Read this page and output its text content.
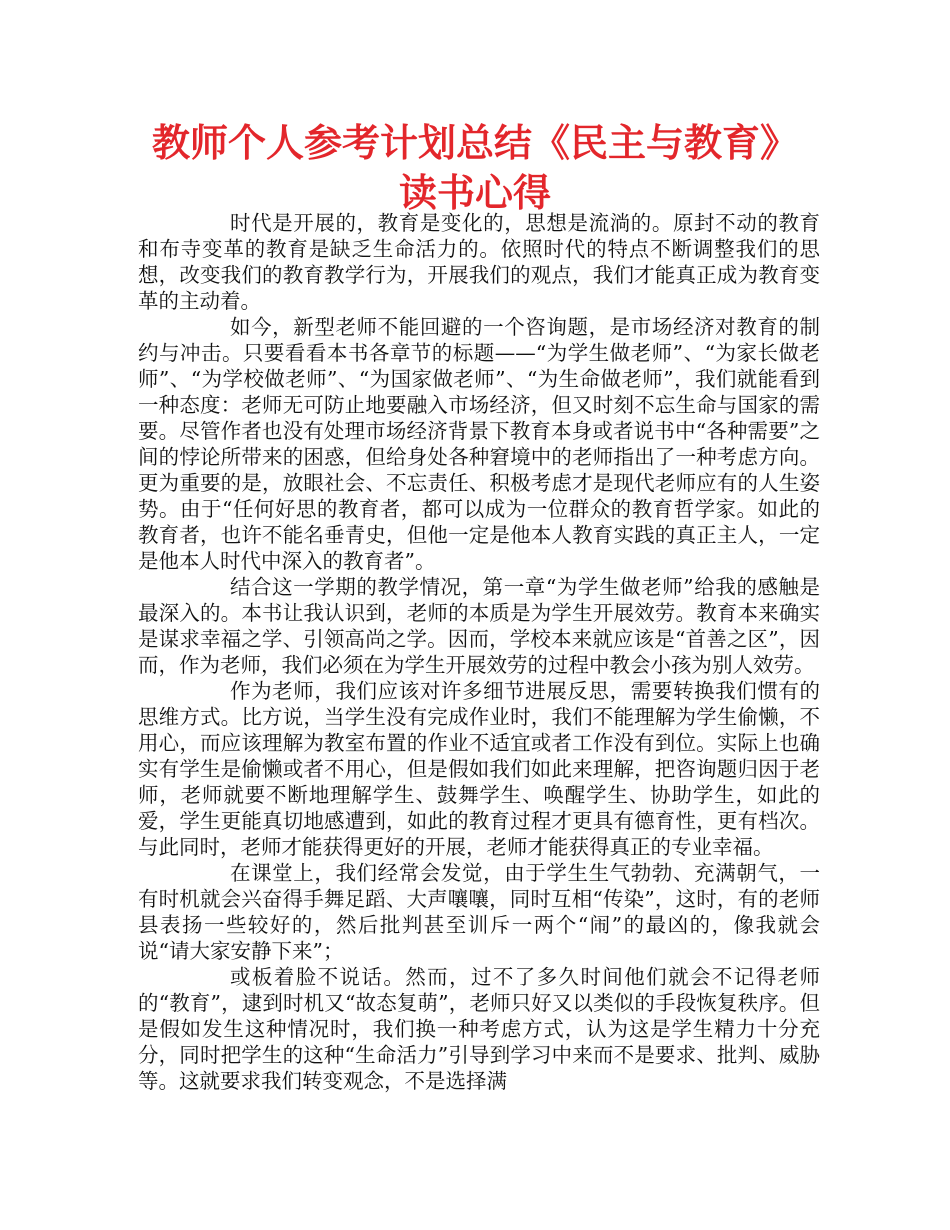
教师个人参考计划总结《民主与教育》读书心得

时代是开展的，教育是变化的，思想是流淌的。原封不动的教育和布寺变革的教育是缺乏生命活力的。依照时代的特点不断调整我们的思想，改变我们的教育教学行为，开展我们的观点，我们才能真正成为教育变革的主动着。

如今，新型老师不能回避的一个咨询题，是市场经济对教育的制约与冲击。只要看看本书各章节的标题——“为学生做老师”、“为家长做老师”、“为学校做老师”、“为国家做老师”、“为生命做老师”，我们就能看到一种态度：老师无可防止地要融入市场经济，但又时刻不忘生命与国家的需要。尽管作者也没有处理市场经济背景下教育本身或者说书中“各种需要”之间的悖论所带来的困惑，但给身处各种窘境中的老师指出了一种考虑方向。更为重要的是，放眼社会、不忘责任、积极考虑才是现代老师应有的人生姿势。由于“任何好思的教育者，都可以成为一位群众的教育哲学家。如此的教育者，也许不能名垂青史，但他一定是他本人教育实践的真正主人，一定是他本人时代中深入的教育者”。

结合这一学期的教学情况，第一章“为学生做老师”给我的感触是最深入的。本书让我认识到，老师的本质是为学生开展效劳。教育本来确实是谋求幸福之学、引领高尚之学。因而，学校本来就应该是“首善之区”，因而，作为老师，我们必须在为学生开展效劳的过程中教会小孩为别人效劳。

作为老师，我们应该对许多细节进展反思，需要转换我们惯有的思维方式。比方说，当学生没有完成作业时，我们不能理解为学生偷懒，不用心，而应该理解为教室布置的作业不适宜或者工作没有到位。实际上也确实有学生是偷懒或者不用心，但是假如我们如此来理解，把咨询题归因于老师，老师就要不断地理解学生、鼓舞学生、唤醒学生、协助学生，如此的爱，学生更能真切地感遭到，如此的教育过程才更具有德育性，更有档次。与此同时，老师才能获得更好的开展，老师才能获得真正的专业幸福。

在课堂上，我们经常会发觉，由于学生生气勃勃、充满朝气，一有时机就会兴奋得手舞足蹈、大声嚷嚷，同时互相“传染”，这时，有的老师县表扬一些较好的，然后批判甚至训斥一两个“闹”的最凶的，像我就会说“请大家安静下来”；

或板着脸不说话。然而，过不了多久时间他们就会不记得老师的“教育”，逮到时机又“故态复萌”，老师只好又以类似的手段恢复秩序。但是假如发生这种情况时，我们换一种考虑方式，认为这是学生精力十分充分，同时把学生的这种“生命活力”引导到学习中来而不是要求、批判、威胁等。这就要求我们转变观念，不是选择满
